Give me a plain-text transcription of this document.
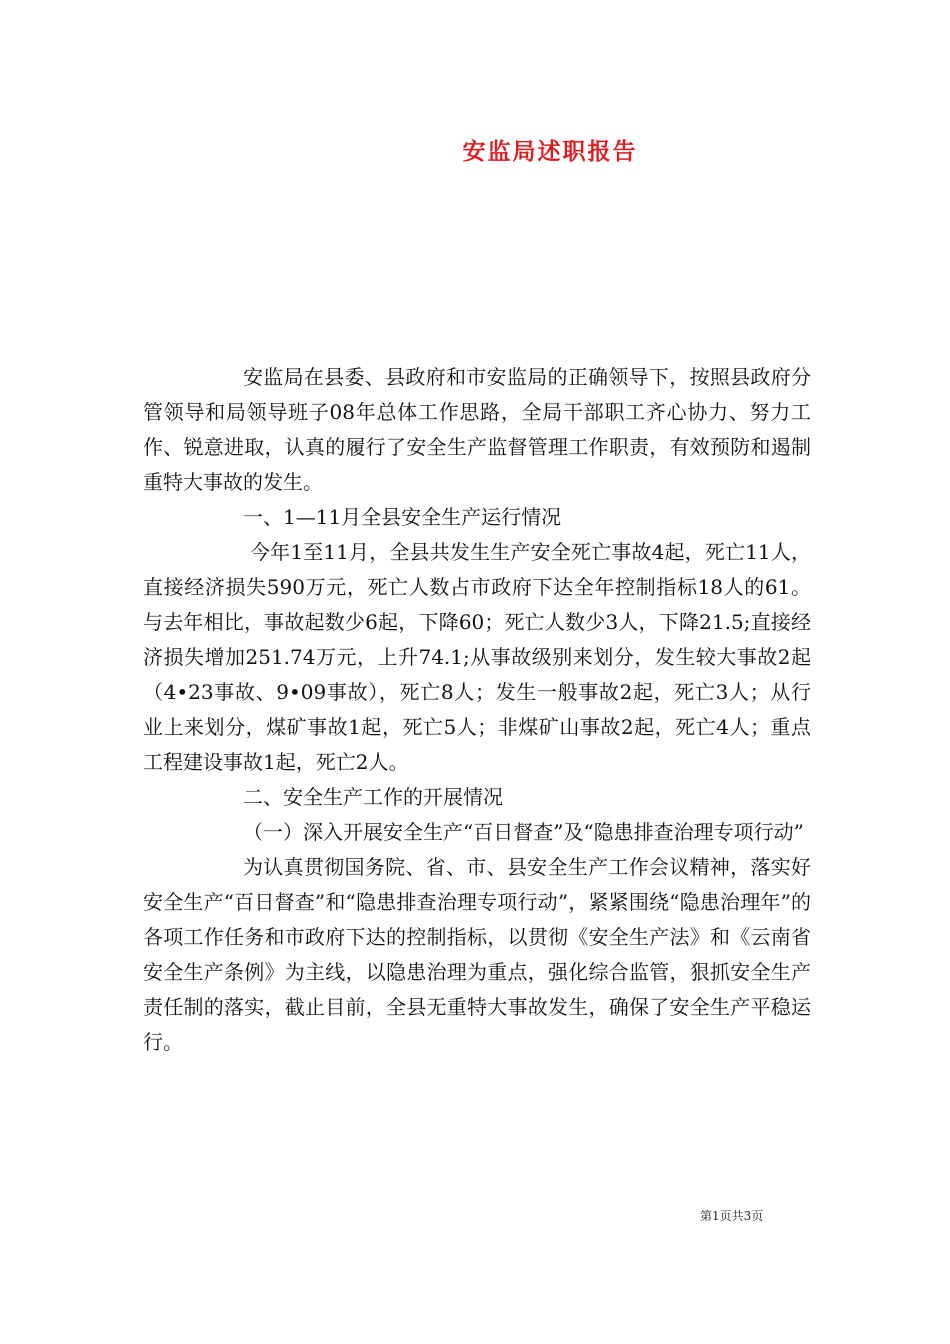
安监局述职报告

安监局在县委、县政府和市安监局的正确领导下，按照县政府分管领导和局领导班子08年总体工作思路，全局干部职工齐心协力、努力工作、锐意进取，认真的履行了安全生产监督管理工作职责，有效预防和遏制重特大事故的发生。

一、1—11月全县安全生产运行情况

今年1至11月，全县共发生生产安全死亡事故4起，死亡11人，直接经济损失590万元，死亡人数占市政府下达全年控制指标18人的61。与去年相比，事故起数少6起，下降60；死亡人数少3人，下降21.5;直接经济损失增加251.74万元，上升74.1;从事故级别来划分，发生较大事故2起（4•23事故、9•09事故），死亡8人；发生一般事故2起，死亡3人；从行业上来划分，煤矿事故1起，死亡5人；非煤矿山事故2起，死亡4人；重点工程建设事故1起，死亡2人。

二、安全生产工作的开展情况

（一）深入开展安全生产“百日督查”及“隐患排查治理专项行动”

为认真贯彻国务院、省、市、县安全生产工作会议精神，落实好安全生产“百日督查”和“隐患排查治理专项行动”，紧紧围绕“隐患治理年”的各项工作任务和市政府下达的控制指标，以贯彻《安全生产法》和《云南省安全生产条例》为主线，以隐患治理为重点，强化综合监管，狠抓安全生产责任制的落实，截止目前，全县无重特大事故发生，确保了安全生产平稳运行。

第1页共3页
